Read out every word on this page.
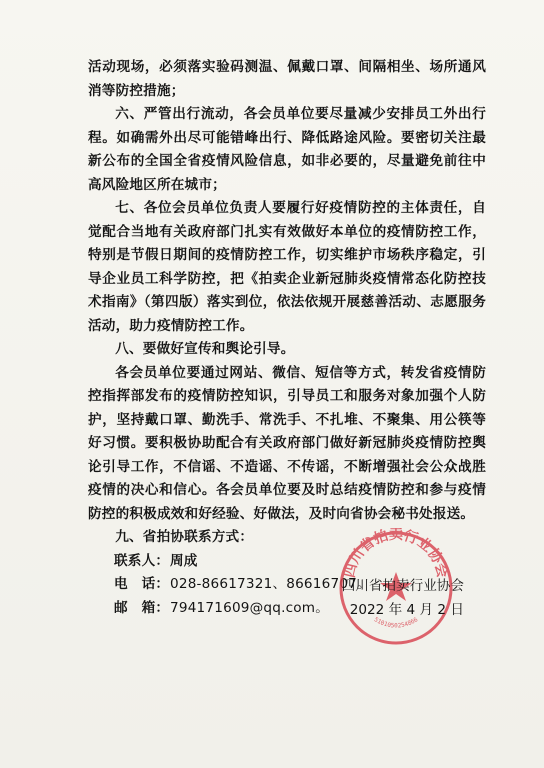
活动现场，必须落实验码测温、佩戴口罩、间隔相坐、场所通风消等防控措施；

六、严管出行流动，各会员单位要尽量减少安排员工外出行程。如确需外出尽可能错峰出行、降低路途风险。要密切关注最新公布的全国全省疫情风险信息，如非必要的，尽量避免前往中高风险地区所在城市；

七、各位会员单位负责人要履行好疫情防控的主体责任，自觉配合当地有关政府部门扎实有效做好本单位的疫情防控工作，特别是节假日期间的疫情防控工作，切实维护市场秩序稳定，引导企业员工科学防控，把《拍卖企业新冠肺炎疫情常态化防控技术指南》（第四版）落实到位，依法依规开展慈善活动、志愿服务活动，助力疫情防控工作。

八、要做好宣传和舆论引导。

各会员单位要通过网站、微信、短信等方式，转发省疫情防控指挥部发布的疫情防控知识，引导员工和服务对象加强个人防护，坚持戴口罩、勤洗手、常洗手、不扎堆、不聚集、用公筷等好习惯。要积极协助配合有关政府部门做好新冠肺炎疫情防控舆论引导工作，不信谣、不造谣、不传谣，不断增强社会公众战胜疫情的决心和信心。各会员单位要及时总结疫情防控和参与疫情防控的积极成效和好经验、好做法，及时向省协会秘书处报送。

九、省拍协联系方式：

联系人：周成
电　话：028-86617321、86616707。
邮　箱：794171609@qq.com。
四川省拍卖行业协会
5101050254866
四川省拍卖行业协会
2022 年 4 月 2 日
